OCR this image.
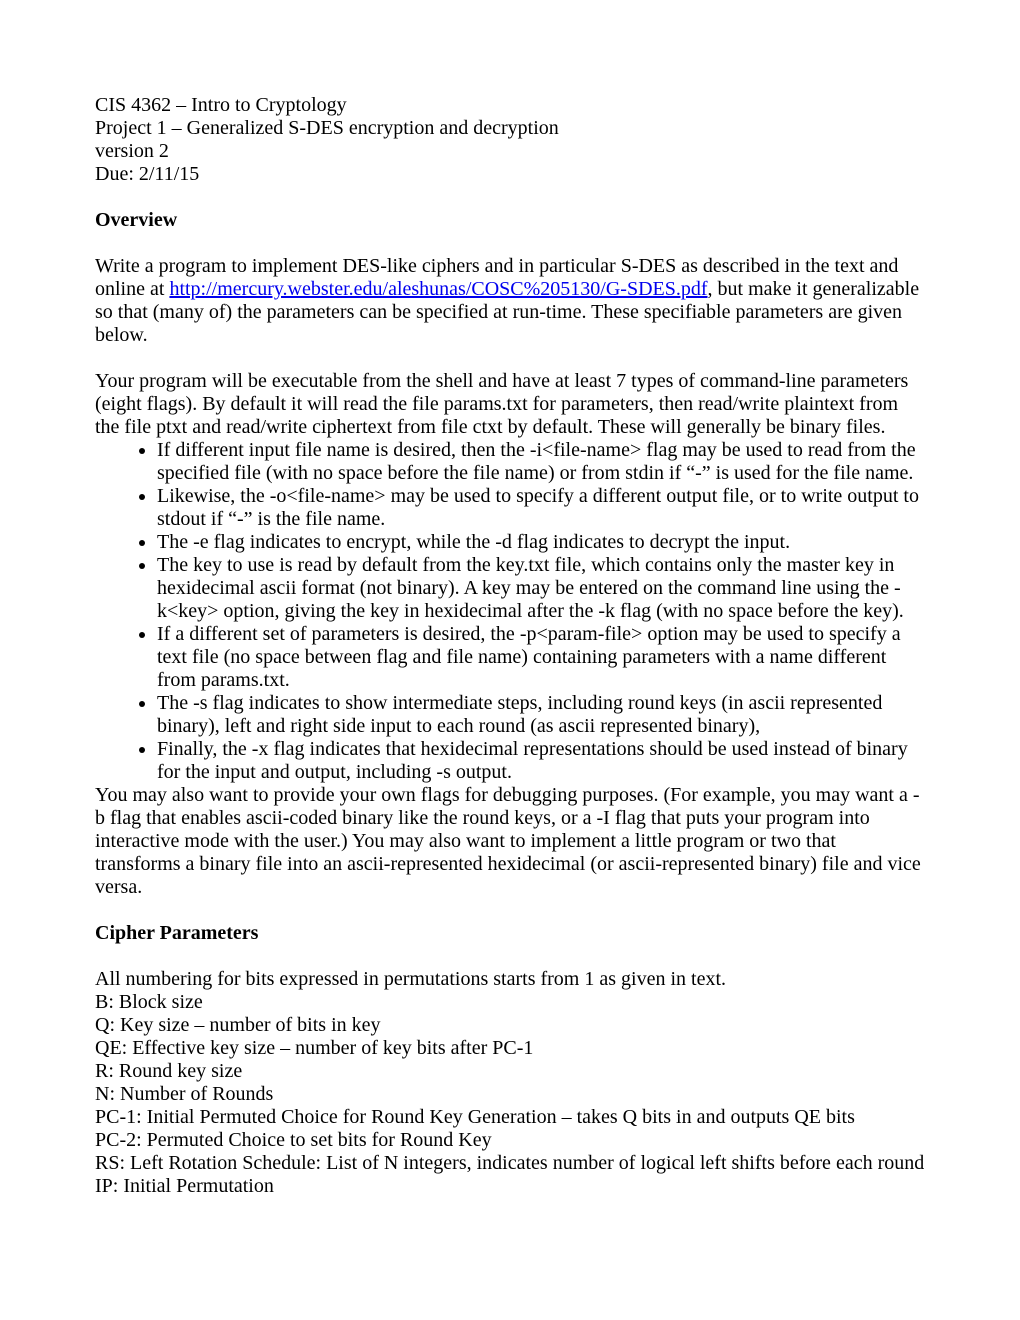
CIS 4362 – Intro to Cryptology
Project 1 – Generalized S-DES encryption and decryption
version 2
Due: 2/11/15
Overview

Write a program to implement DES-like ciphers and in particular S-DES as described in the text and online at http://mercury.webster.edu/aleshunas/COSC%205130/G-SDES.pdf, but make it generalizable so that (many of) the parameters can be specified at run-time. These specifiable parameters are given below.

Your program will be executable from the shell and have at least 7 types of command-line parameters (eight flags). By default it will read the file params.txt for parameters, then read/write plaintext from the file ptxt and read/write ciphertext from file ctxt by default. These will generally be binary files.

• If different input file name is desired, then the -i<file-name> flag may be used to read from the specified file (with no space before the file name) or from stdin if “-” is used for the file name.
• Likewise, the -o<file-name> may be used to specify a different output file, or to write output to stdout if “-” is the file name.
• The -e flag indicates to encrypt, while the -d flag indicates to decrypt the input.
• The key to use is read by default from the key.txt file, which contains only the master key in hexidecimal ascii format (not binary). A key may be entered on the command line using the -k<key> option, giving the key in hexidecimal after the -k flag (with no space before the key).
• If a different set of parameters is desired, the -p<param-file> option may be used to specify a text file (no space between flag and file name) containing parameters with a name different from params.txt.
• The -s flag indicates to show intermediate steps, including round keys (in ascii represented binary), left and right side input to each round (as ascii represented binary),
• Finally, the -x flag indicates that hexidecimal representations should be used instead of binary for the input and output, including -s output.

You may also want to provide your own flags for debugging purposes. (For example, you may want a -b flag that enables ascii-coded binary like the round keys, or a -I flag that puts your program into interactive mode with the user.) You may also want to implement a little program or two that transforms a binary file into an ascii-represented hexidecimal (or ascii-represented binary) file and vice versa.

Cipher Parameters

All numbering for bits expressed in permutations starts from 1 as given in text.

B: Block size
Q: Key size – number of bits in key
QE: Effective key size – number of key bits after PC-1
R: Round key size
N: Number of Rounds
PC-1: Initial Permuted Choice for Round Key Generation – takes Q bits in and outputs QE bits
PC-2: Permuted Choice to set bits for Round Key
RS: Left Rotation Schedule: List of N integers, indicates number of logical left shifts before each round
IP: Initial Permutation
